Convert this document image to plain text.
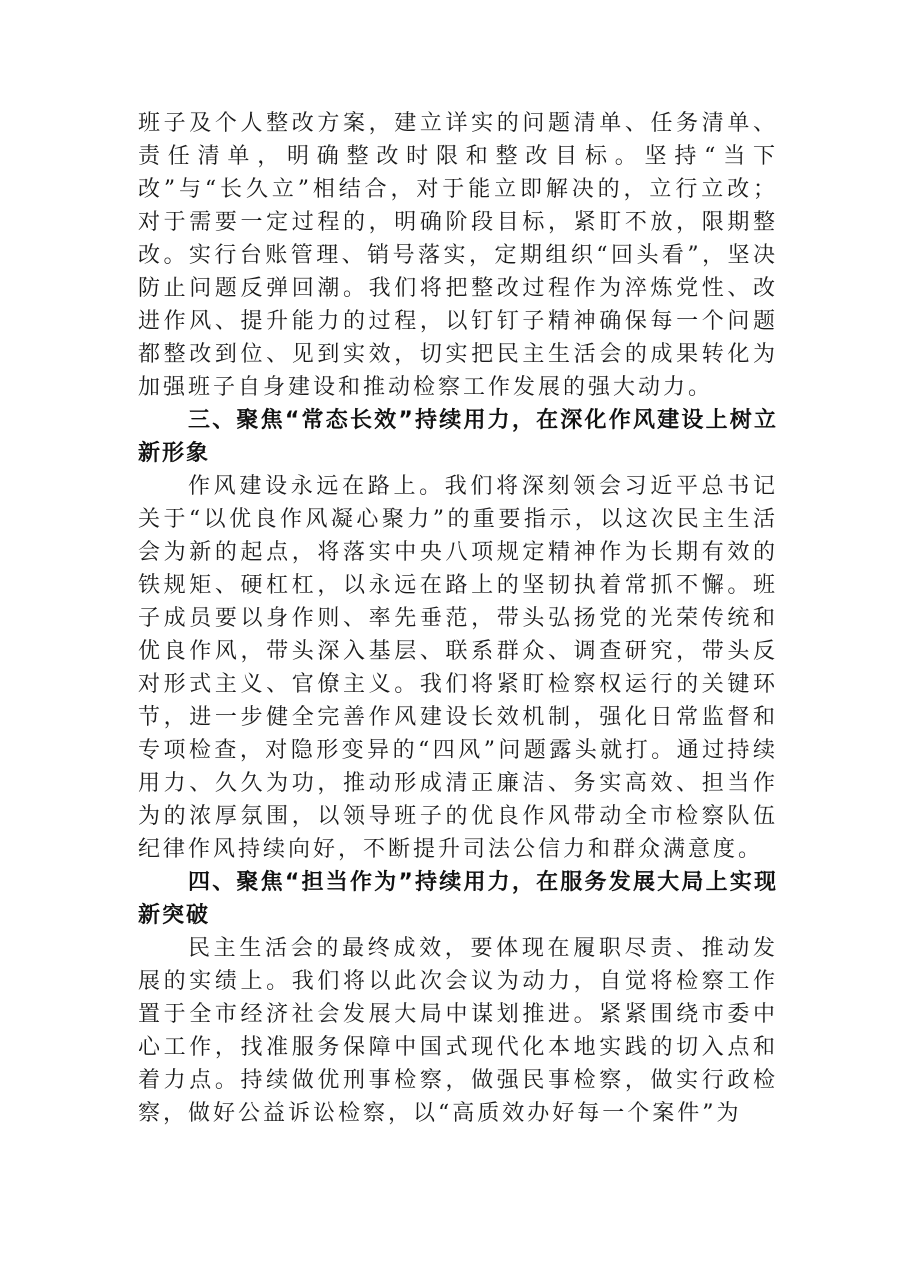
班子及个人整改方案，建立详实的问题清单、任务清单、责任清单，明确整改时限和整改目标。坚持“当下改”与“长久立”相结合，对于能立即解决的，立行立改；对于需要一定过程的，明确阶段目标，紧盯不放，限期整改。实行台账管理、销号落实，定期组织“回头看”，坚决防止问题反弹回潮。我们将把整改过程作为淬炼党性、改进作风、提升能力的过程，以钉钉子精神确保每一个问题都整改到位、见到实效，切实把民主生活会的成果转化为加强班子自身建设和推动检察工作发展的强大动力。

三、聚焦“常态长效”持续用力，在深化作风建设上树立新形象

作风建设永远在路上。我们将深刻领会习近平总书记关于“以优良作风凝心聚力”的重要指示，以这次民主生活会为新的起点，将落实中央八项规定精神作为长期有效的铁规矩、硬杠杠，以永远在路上的坚韧执着常抓不懈。班子成员要以身作则、率先垂范，带头弘扬党的光荣传统和优良作风，带头深入基层、联系群众、调查研究，带头反对形式主义、官僚主义。我们将紧盯检察权运行的关键环节，进一步健全完善作风建设长效机制，强化日常监督和专项检查，对隐形变异的“四风”问题露头就打。通过持续用力、久久为功，推动形成清正廉洁、务实高效、担当作为的浓厚氛围，以领导班子的优良作风带动全市检察队伍纪律作风持续向好，不断提升司法公信力和群众满意度。

四、聚焦“担当作为”持续用力，在服务发展大局上实现新突破

民主生活会的最终成效，要体现在履职尽责、推动发展的实绩上。我们将以此次会议为动力，自觉将检察工作置于全市经济社会发展大局中谋划推进。紧紧围绕市委中心工作，找准服务保障中国式现代化本地实践的切入点和着力点。持续做优刑事检察，做强民事检察，做实行政检察，做好公益诉讼检察，以“高质效办好每一个案件”为
